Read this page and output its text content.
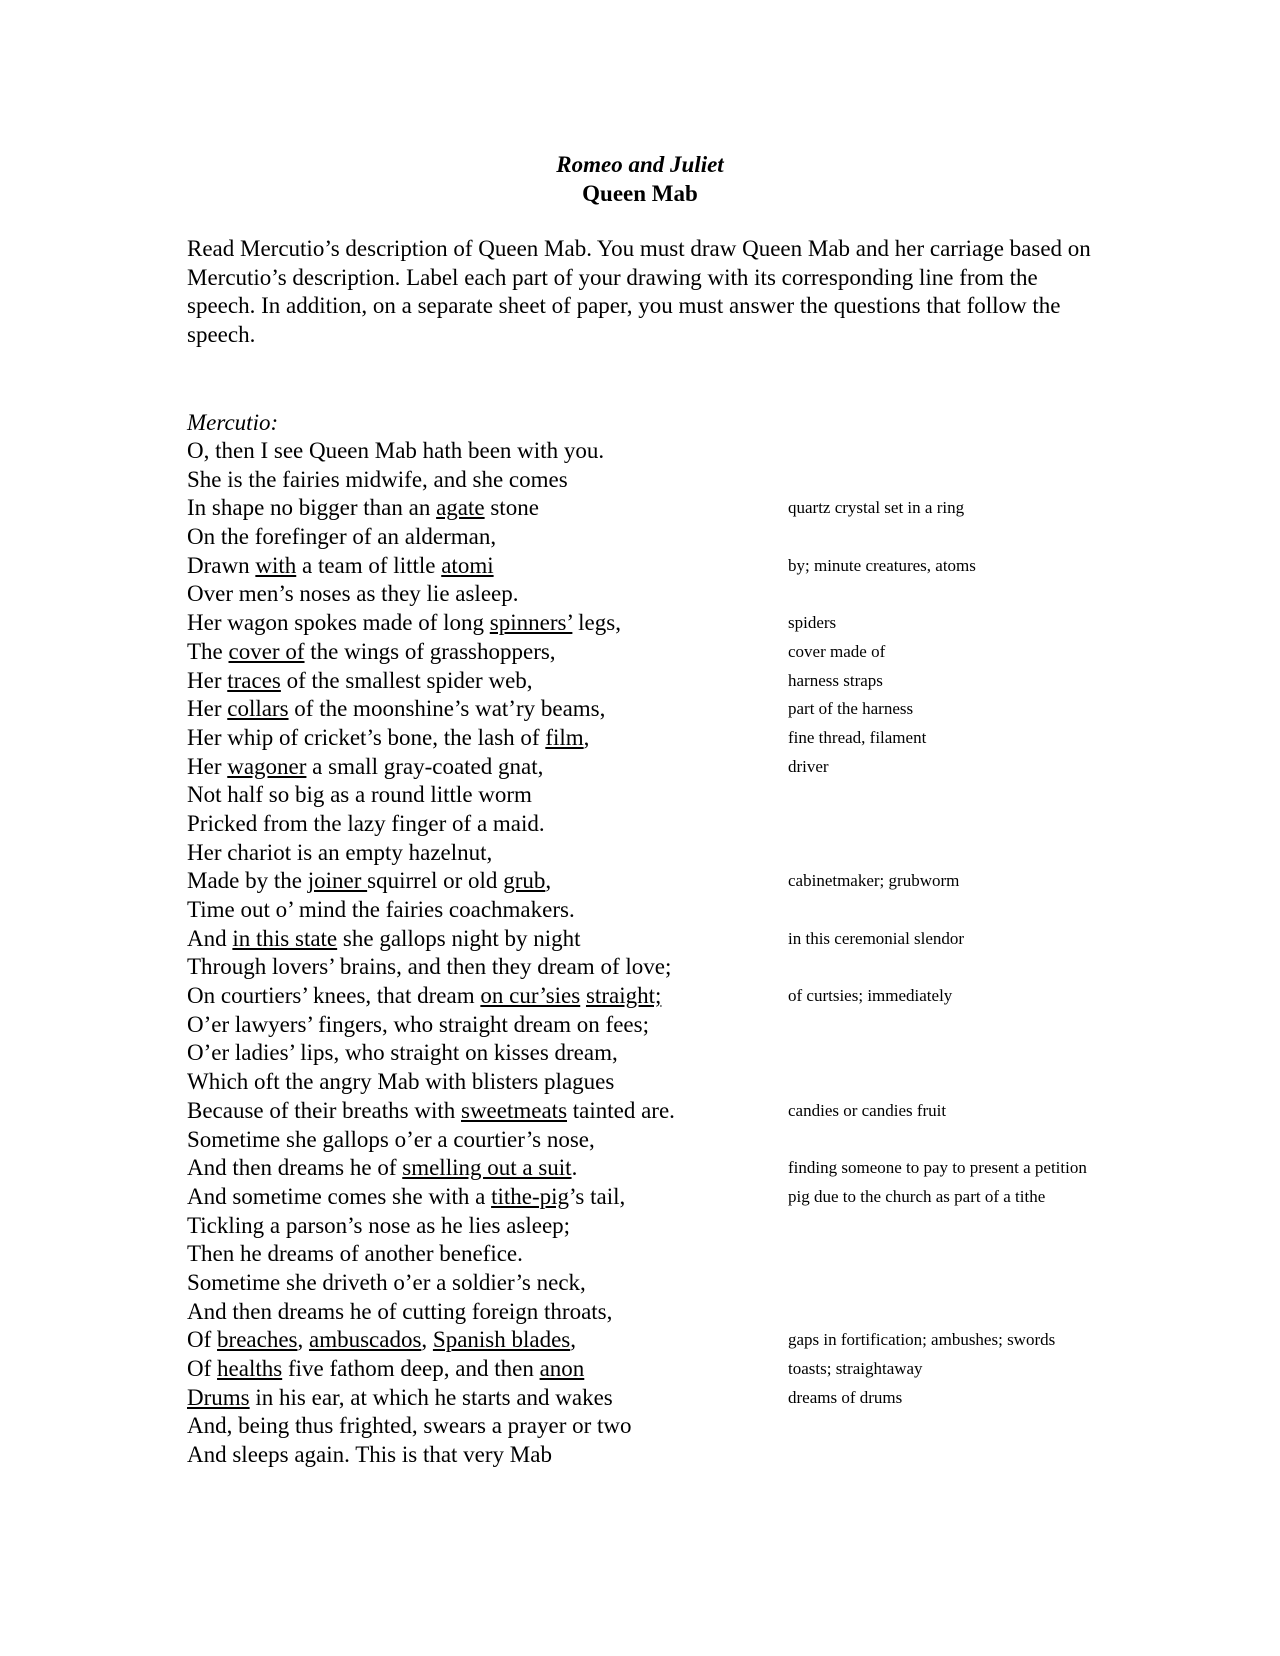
Romeo and Juliet
Queen Mab
Read Mercutio’s description of Queen Mab. You must draw Queen Mab and her carriage based on Mercutio’s description. Label each part of your drawing with its corresponding line from the speech. In addition, on a separate sheet of paper, you must answer the questions that follow the speech.
Mercutio:
O, then I see Queen Mab hath been with you.
She is the fairies midwife, and she comes
In shape no bigger than an agate stone	quartz crystal set in a ring
On the forefinger of an alderman,
Drawn with a team of little atomi	by; minute creatures, atoms
Over men’s noses as they lie asleep.
Her wagon spokes made of long spinners’ legs,	spiders
The cover of the wings of grasshoppers,	cover made of
Her traces of the smallest spider web,	harness straps
Her collars of the moonshine’s wat’ry beams,	part of the harness
Her whip of cricket’s bone, the lash of film,	fine thread, filament
Her wagoner a small gray-coated gnat,	driver
Not half so big as a round little worm
Pricked from the lazy finger of a maid.
Her chariot is an empty hazelnut,
Made by the joiner squirrel or old grub,	cabinetmaker; grubworm
Time out o’ mind the fairies coachmakers.
And in this state she gallops night by night	in this ceremonial slendor
Through lovers’ brains, and then they dream of love;
On courtiers’ knees, that dream on cur’sies straight;	of curtsies; immediately
O’er lawyers’ fingers, who straight dream on fees;
O’er ladies’ lips, who straight on kisses dream,
Which oft the angry Mab with blisters plagues
Because of their breaths with sweetmeats tainted are.	candies or candies fruit
Sometime she gallops o’er a courtier’s nose,
And then dreams he of smelling out a suit.	finding someone to pay to present a petition
And sometime comes she with a tithe-pig’s tail,	pig due to the church as part of a tithe
Tickling a parson’s nose as he lies asleep;
Then he dreams of another benefice.
Sometime she driveth o’er a soldier’s neck,
And then dreams he of cutting foreign throats,
Of breaches, ambuscados, Spanish blades,	gaps in fortification; ambushes; swords
Of healths five fathom deep, and then anon	toasts; straightaway
Drums in his ear, at which he starts and wakes	dreams of drums
And, being thus frighted, swears a prayer or two
And sleeps again. This is that very Mab
